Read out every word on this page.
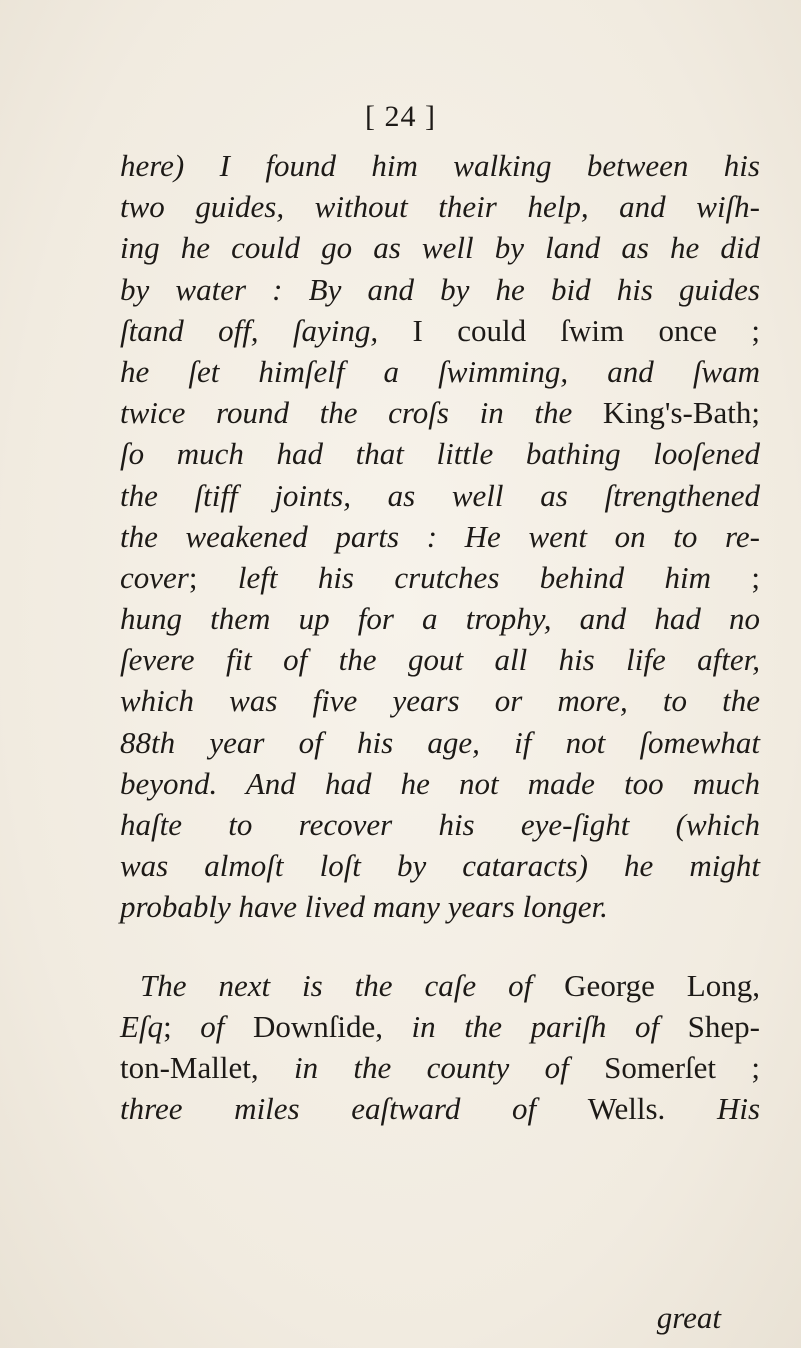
[ 24 ]
here) I found him walking between his
two guides, without their help, and wiſh-
ing he could go as well by land as he did
by water : By and by he bid his guides
ſtand off, ſaying, I could ſwim once ;
he ſet himſelf a ſwimming, and ſwam
twice round the croſs in the King's-Bath;
ſo much had that little bathing looſened
the ſtiff joints, as well as ſtrengthened
the weakened parts : He went on to re-
cover; left his crutches behind him ;
hung them up for a trophy, and had no
ſevere fit of the gout all his life after,
which was five years or more, to the
88th year of his age, if not ſomewhat
beyond. And had he not made too much
haſte to recover his eye-ſight (which
was almoſt loſt by cataracts) he might
probably have lived many years longer.
The next is the caſe of George Long,
Eſq; of Downſide, in the pariſh of Shep-
ton-Mallet, in the county of Somerſet ;
three miles eaſtward of Wells. His
great
